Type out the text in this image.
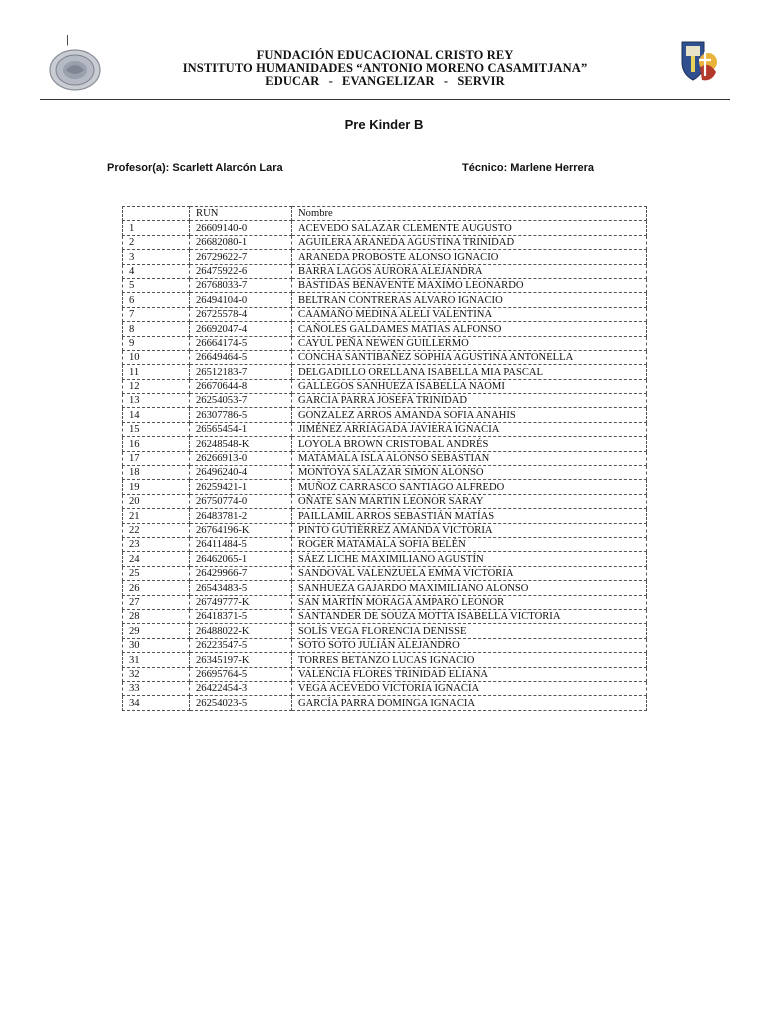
|
FUNDACIÓN EDUCACIONAL CRISTO REY
INSTITUTO HUMANIDADES “ANTONIO MORENO CASAMITJANA”
EDUCAR - EVANGELIZAR - SERVIR
Pre Kinder B
Profesor(a): Scarlett Alarcón Lara	Técnico: Marlene Herrera
	RUN	Nombre
1	26609140-0	ACEVEDO SALAZAR CLEMENTE AUGUSTO
2	26682080-1	AGUILERA ARANEDA AGUSTINA TRINIDAD
3	26729622-7	ARANEDA PROBOSTE ALONSO IGNACIO
4	26475922-6	BARRA LAGOS AURORA ALEJANDRA
5	26768033-7	BASTIDAS BENAVENTE MAXIMO LEONARDO
6	26494104-0	BELTRAN CONTRERAS ALVARO IGNACIO
7	26725578-4	CAAMAÑO MEDINA ALELI VALENTINA
8	26692047-4	CAÑOLES GALDAMES MATIAS ALFONSO
9	26664174-5	CAYUL PEÑA NEWEN GUILLERMO
10	26649464-5	CONCHA SANTIBAÑEZ SOPHIA AGUSTINA ANTONELLA
11	26512183-7	DELGADILLO ORELLANA ISABELLA MIA PASCAL
12	26670644-8	GALLEGOS SANHUEZA ISABELLA NAOMI
13	26254053-7	GARCIA PARRA JOSEFA TRINIDAD
14	26307786-5	GONZALEZ ARROS AMANDA SOFIA ANAHIS
15	26565454-1	JIMÉNEZ ARRIAGADA JAVIERA IGNACIA
16	26248548-K	LOYOLA BROWN CRISTOBAL ANDRÉS
17	26266913-0	MATAMALA ISLA ALONSO SEBASTIAN
18	26496240-4	MONTOYA SALAZAR SIMON ALONSO
19	26259421-1	MUÑOZ CARRASCO SANTIAGO ALFREDO
20	26750774-0	OÑATE SAN MARTIN LEONOR SARAY
21	26483781-2	PAILLAMIL ARROS SEBASTIÁN MATÍAS
22	26764196-K	PINTO GUTIÉRREZ AMANDA VICTORIA
23	26411484-5	ROGER MATAMALA SOFIA BELÉN
24	26462065-1	SÁEZ LICHE MAXIMILIANO AGUSTÍN
25	26429966-7	SANDOVAL VALENZUELA EMMA VICTORIA
26	26543483-5	SANHUEZA GAJARDO MAXIMILIANO ALONSO
27	26749777-K	SAN MARTÍN MORAGA AMPARO LEONOR
28	26418371-5	SANTANDER DE SOUZA MOTTA ISABELLA VICTORIA
29	26488022-K	SOLÍS VEGA FLORENCIA DENISSE
30	26223547-5	SOTO SOTO JULIÁN ALEJANDRO
31	26345197-K	TORRES BETANZO LUCAS IGNACIO
32	26695764-5	VALENCIA FLORES TRINIDAD ELIANA
33	26422454-3	VEGA ACEVEDO VICTORIA IGNACIA
34	26254023-5	GARCÍA PARRA DOMINGA IGNACIA
